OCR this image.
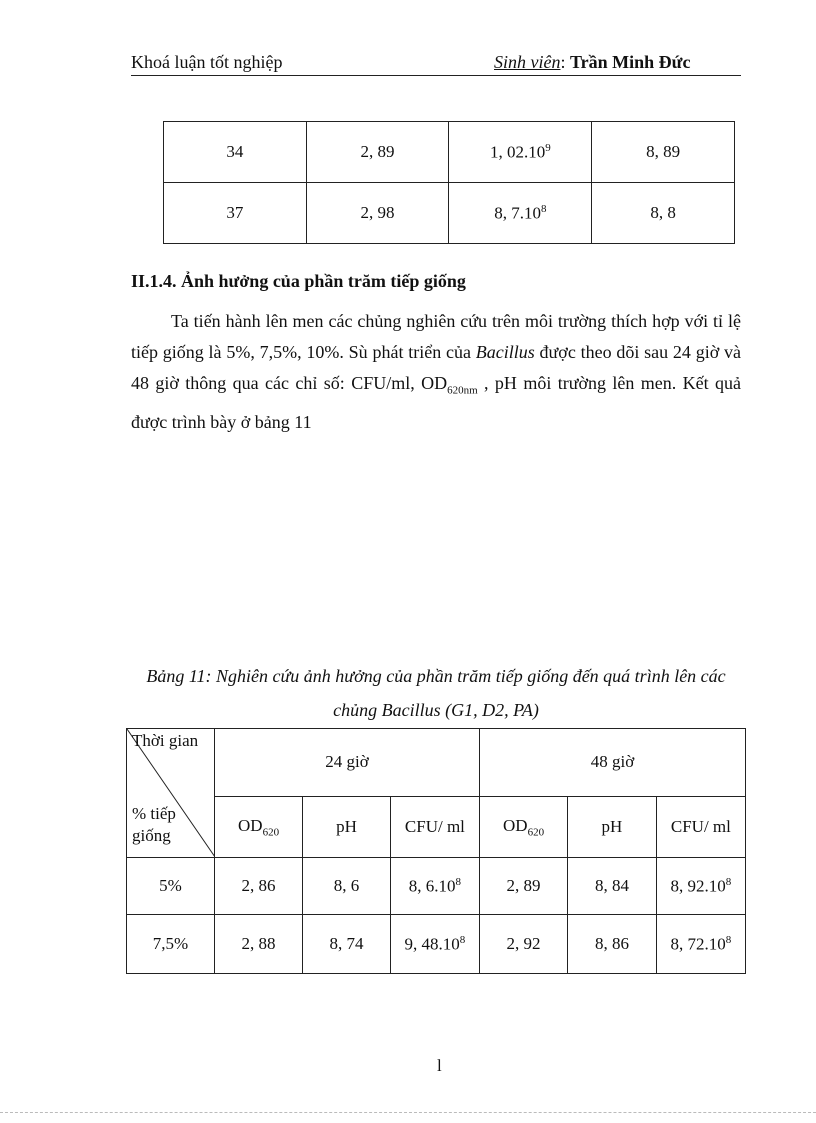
Khoá luận tốt nghiệp	Sinh viên: Trần Minh Đức
34	2, 89	1, 02.10$^9$	8, 89
37	2, 98	8, 7.10$^8$	8, 8
II.1.4. Ảnh hưởng của phần trăm tiếp giống
Ta tiến hành lên men các chủng nghiên cứu trên môi trường thích hợp với tỉ lệ tiếp giống là 5%, 7,5%, 10%. Sù phát triển của Bacillus được theo dõi sau 24 giờ và 48 giờ thông qua các chỉ số: CFU/ml, $OD_{620nm}$ , pH môi trường lên men. Kết quả được trình bày ở bảng 11
Bảng 11: Nghiên cứu ảnh hưởng của phần trăm tiếp giống đến quá trình lên các
chủng Bacillus (G1, D2, PA)
Thời gian
% tiếp
giống	24 giờ			48 giờ		
	$OD_{620}$	pH	CFU/ ml	$OD_{620}$	pH	CFU/ ml
5%	2, 86	8, 6	8, 6.10$^8$	2, 89	8, 84	8, 92.10$^8$
7,5%	2, 88	8, 74	9, 48.10$^8$	2, 92	8, 86	8, 72.10$^8$
l
